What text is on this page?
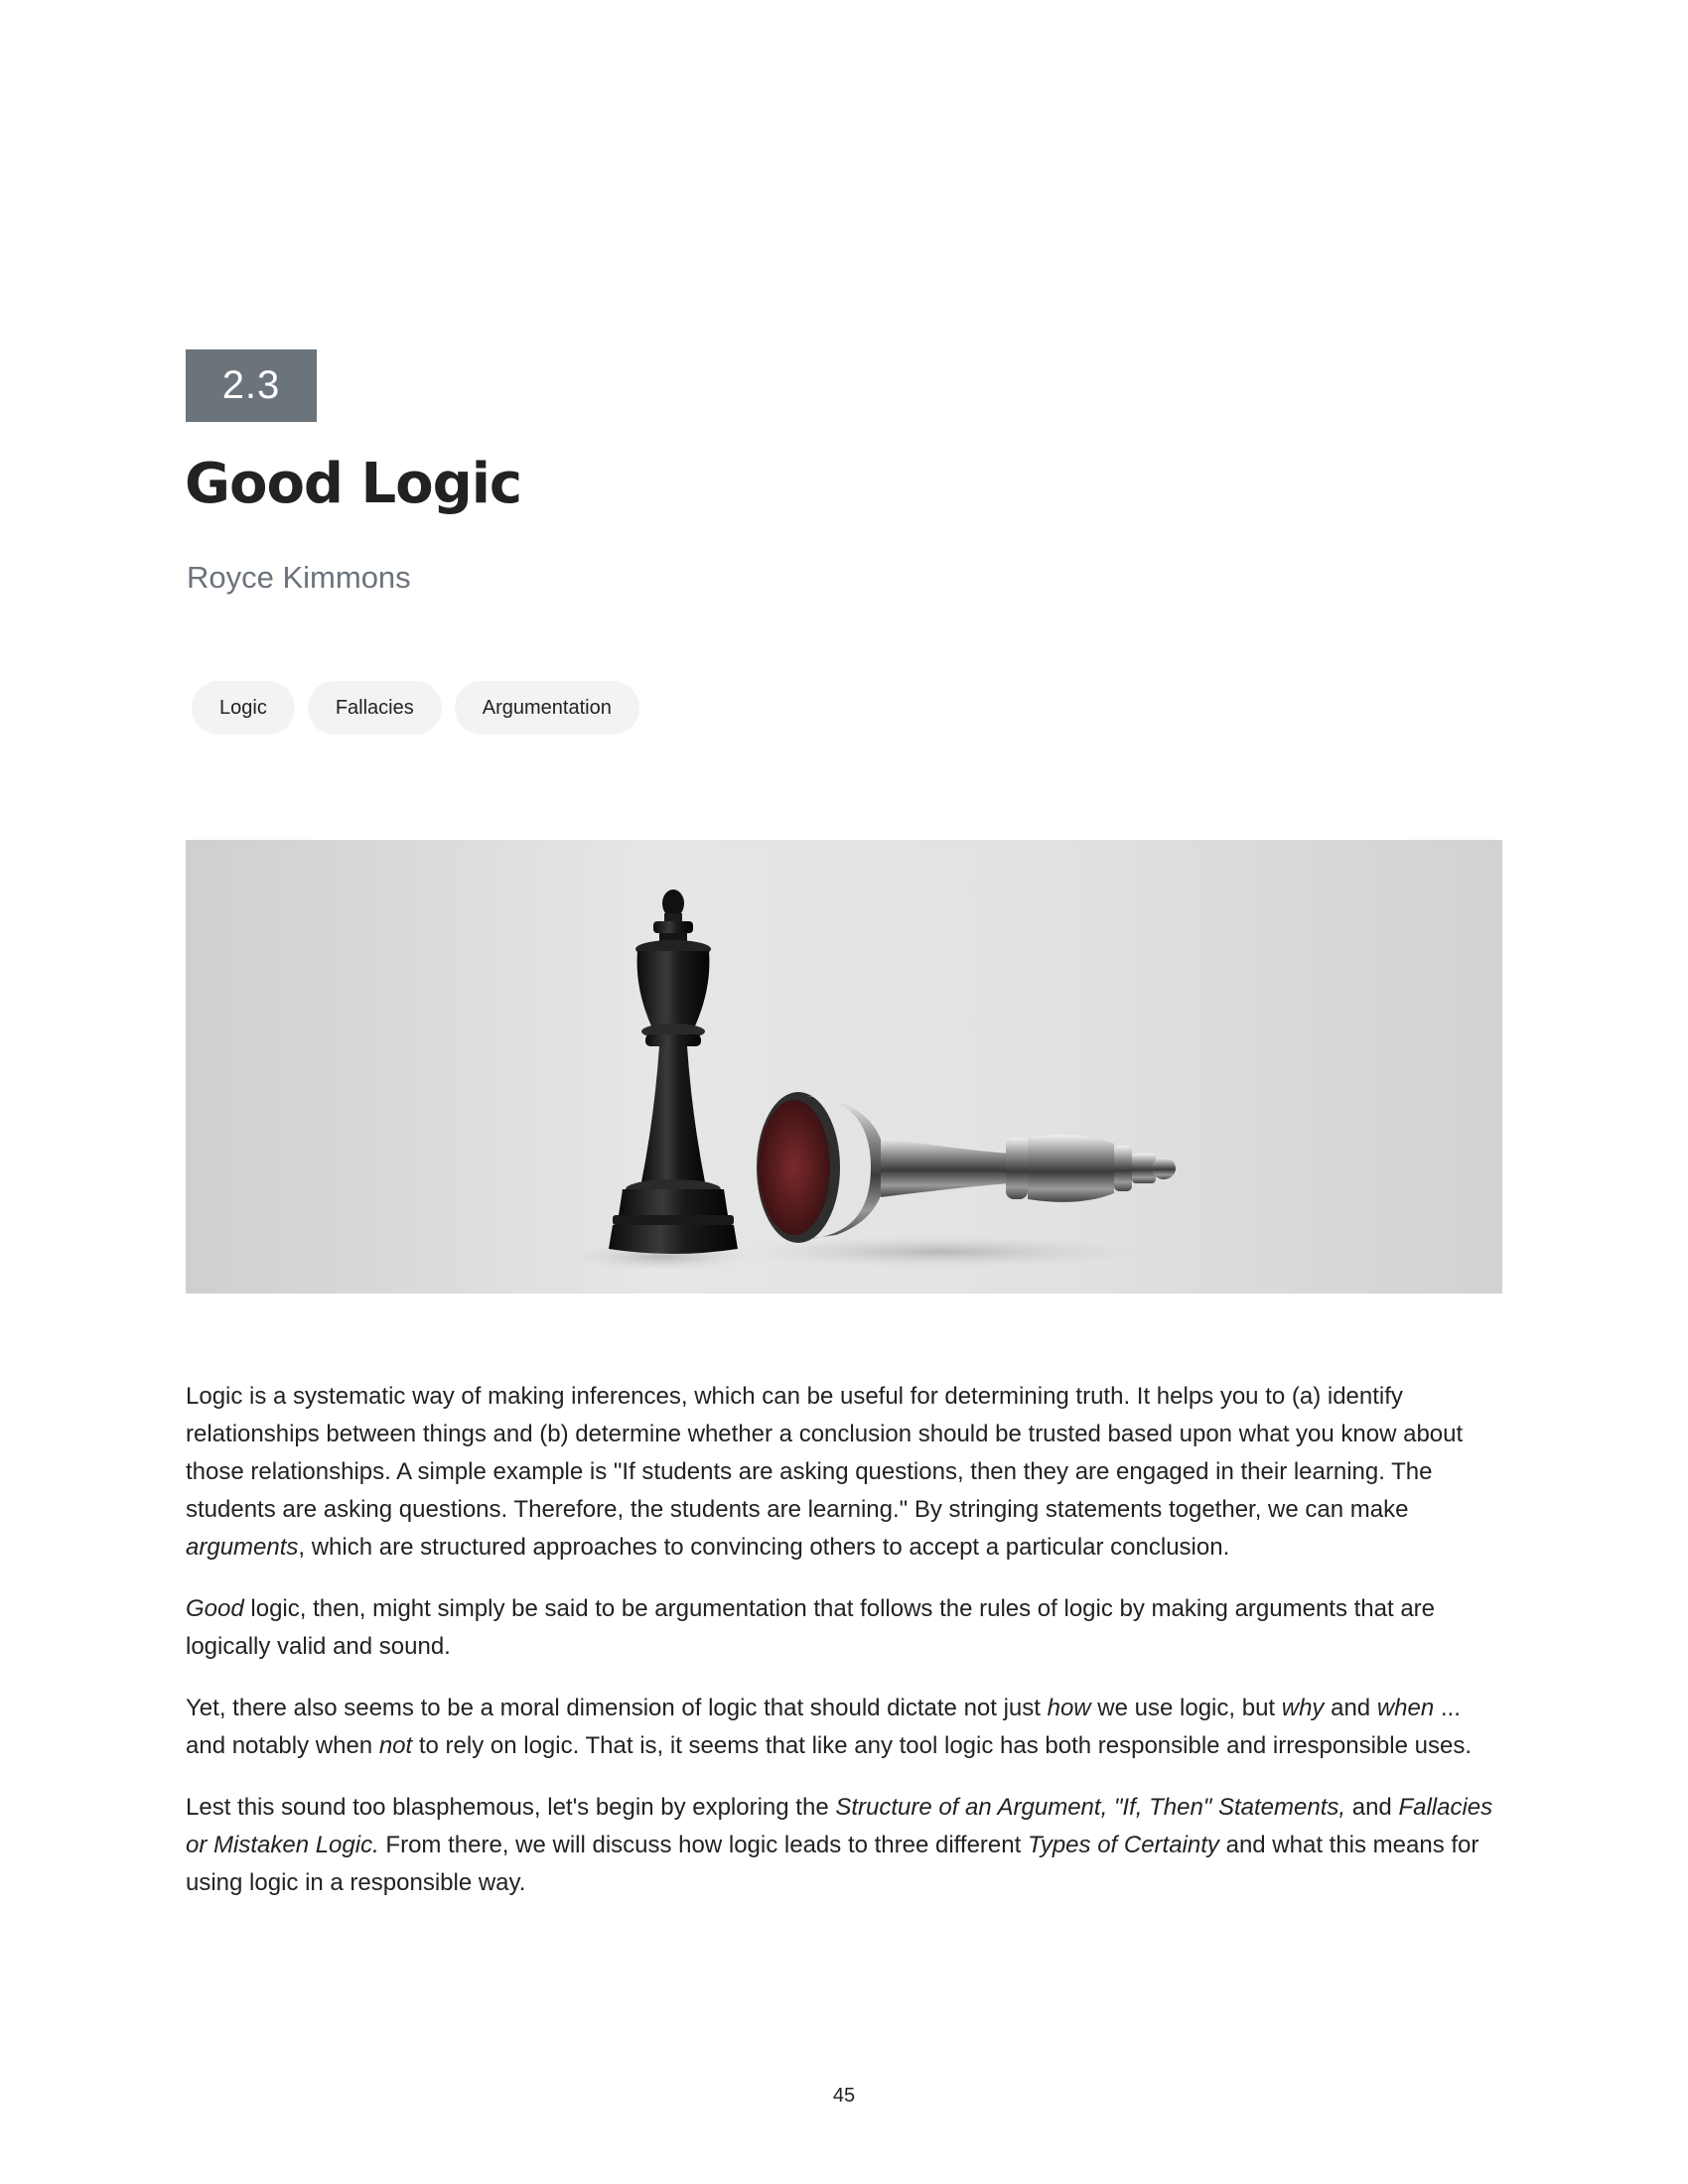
2.3
Good Logic
Royce Kimmons
Logic	Fallacies	Argumentation

Logic is a systematic way of making inferences, which can be useful for determining truth. It helps you to (a) identify relationships between things and (b) determine whether a conclusion should be trusted based upon what you know about those relationships. A simple example is "If students are asking questions, then they are engaged in their learning. The students are asking questions. Therefore, the students are learning." By stringing statements together, we can make arguments, which are structured approaches to convincing others to accept a particular conclusion.

Good logic, then, might simply be said to be argumentation that follows the rules of logic by making arguments that are logically valid and sound.

Yet, there also seems to be a moral dimension of logic that should dictate not just how we use logic, but why and when ... and notably when not to rely on logic. That is, it seems that like any tool logic has both responsible and irresponsible uses.

Lest this sound too blasphemous, let's begin by exploring the Structure of an Argument, "If, Then" Statements, and Fallacies or Mistaken Logic. From there, we will discuss how logic leads to three different Types of Certainty and what this means for using logic in a responsible way.

45
